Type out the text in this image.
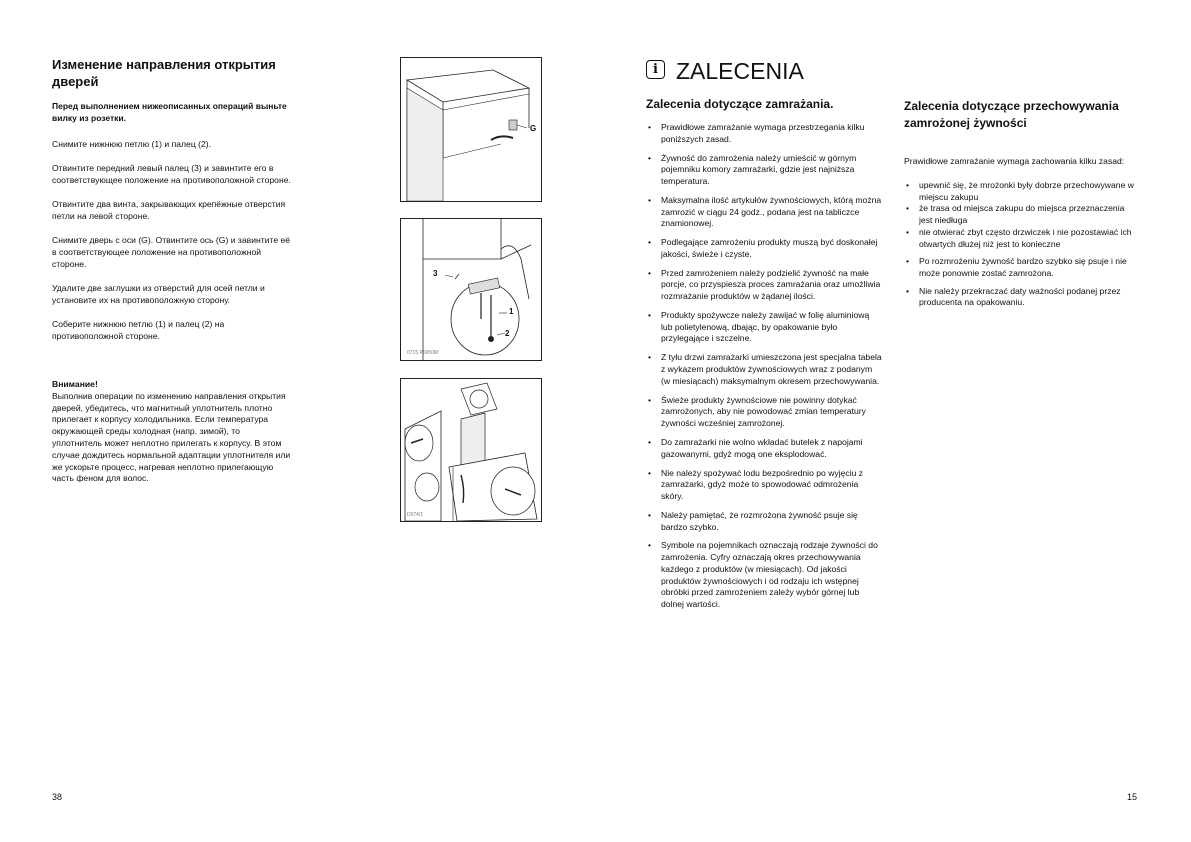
Изменение направления открытия дверей
Перед выполнением нижеописанных операций выньте вилку из розетки.

Снимите нижнюю петлю (1) и палец (2).

Отвинтите передний левый палец (3) и завинтите его в соответствующее положение на противоположной стороне.

Отвинтите два винта, закрывающих крепёжные отверстия петли на левой стороне.

Снимите дверь с оси (G). Отвинтите ось (G) и завинтите её в соответствующее положение на противоположной стороне.

Удалите две заглушки из отверстий для осей петли и установите их на противоположную сторону.

Соберите нижнюю петлю (1) и палец (2) на противоположной стороне.

Внимание!
Выполнив операции по изменению направления открытия дверей, убедитесь, что магнитный уплотнитель плотно прилегает к корпусу холодильника. Если температура окружающей среды холодная (напр. зимой), то уплотнитель может неплотно прилегать к корпусу. В этом случае дождитесь нормальной адаптации уплотнителя или же ускорьте процесс, нагревая неплотно прилегающую часть феном для волос.
38
G
3
1
2
0715 P6050M
D074/1
i ZALECENIA
Zalecenia dotyczące zamrażania.
• Prawidłowe zamrażanie wymaga przestrzegania kilku poniższych zasad.
• Żywność do zamrożenia należy umieścić w górnym pojemniku komory zamrażarki, gdzie jest najniższa temperatura.
• Maksymalna ilość artykułów żywnościowych, którą można zamrozić w ciągu 24 godz., podana jest na tabliczce znamionowej.
• Podlegające zamrożeniu produkty muszą być doskonałej jakości, świeże i czyste.
• Przed zamrożeniem należy podzielić żywność na małe porcje, co przyspiesza proces zamrażania oraz umożliwia rozmrażanie produktów w żądanej ilości.
• Produkty spożywcze należy zawijać w folię aluminiową lub polietylenową, dbając, by opakowanie było przylegające i szczelne.
• Z tyłu drzwi zamrażarki umieszczona jest specjalna tabela z wykazem produktów żywnościowych wraz z podanym (w miesiącach) maksymalnym okresem przechowywania.
• Świeże produkty żywnościowe nie powinny dotykać zamrożonych, aby nie powodować zmian temperatury żywności wcześniej zamrożonej.
• Do zamrażarki nie wolno wkładać butelek z napojami gazowanymi, gdyż mogą one eksplodować.
• Nie należy spożywać lodu bezpośrednio po wyjęciu z zamrażarki, gdyż może to spowodować odmrożenia skóry.
• Należy pamiętać, że rozmrożona żywność psuje się bardzo szybko.
• Symbole na pojemnikach oznaczają rodzaje żywności do zamrożenia. Cyfry oznaczają okres przechowywania każdego z produktów (w miesiącach). Od jakości produktów żywnościowych i od rodzaju ich wstępnej obróbki przed zamrożeniem zależy wybór górnej lub dolnej wartości.
Zalecenia dotyczące przechowywania zamrożonej żywności
Prawidłowe zamrażanie wymaga zachowania kilku zasad:
• upewnić się, że mrożonki były dobrze przechowywane w miejscu zakupu
• że trasa od miejsca zakupu do miejsca przeznaczenia jest niedługa
• nie otwierać zbyt często drzwiczek i nie pozostawiać ich otwartych dłużej niż jest to konieczne
• Po rozmrożeniu żywność bardzo szybko się psuje i nie może ponownie zostać zamrożona.
• Nie należy przekraczać daty ważności podanej przez producenta na opakowaniu.
15
